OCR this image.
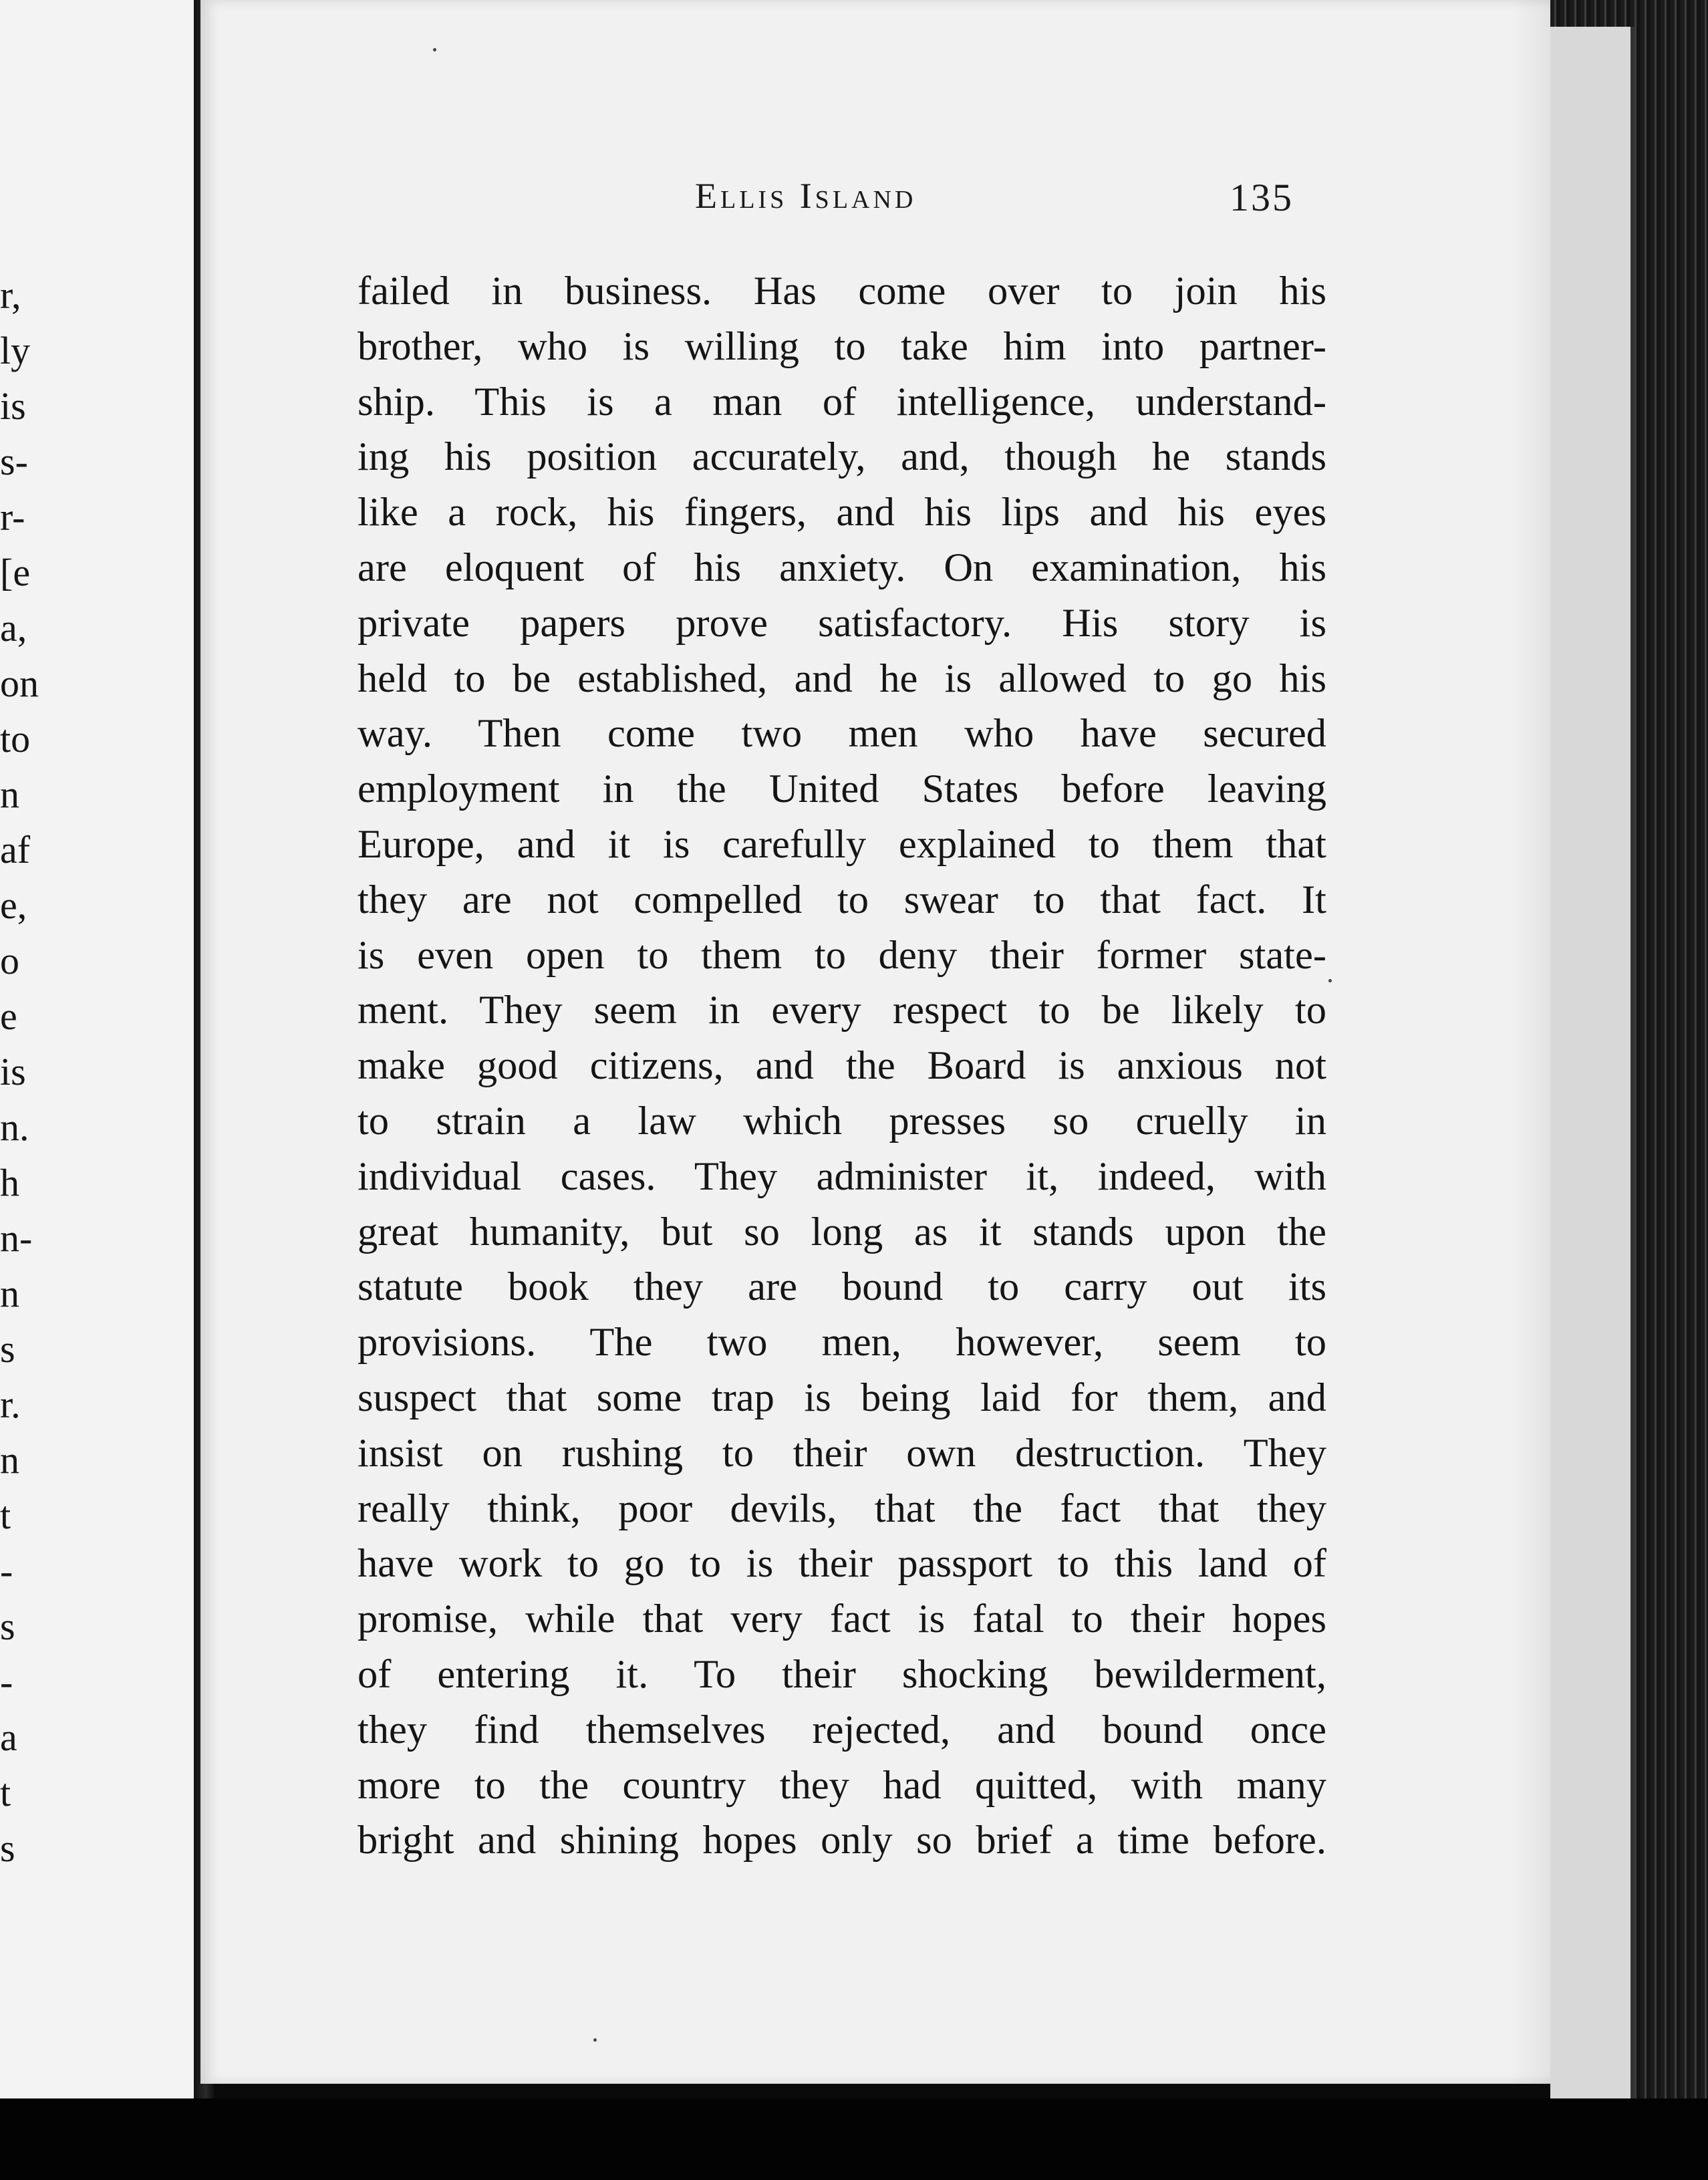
r,
ly
is
s-
r-
[e
a,
on
to
n
af
e,
o
e
is
n.
h
n-
n
s
r.
n
t
-
s
-
a
t
s
Ellis Island	135
failed in business. Has come over to join his
brother, who is willing to take him into partner-
ship. This is a man of intelligence, understand-
ing his position accurately, and, though he stands
like a rock, his fingers, and his lips and his eyes
are eloquent of his anxiety. On examination, his
private papers prove satisfactory. His story is
held to be established, and he is allowed to go his
way. Then come two men who have secured
employment in the United States before leaving
Europe, and it is carefully explained to them that
they are not compelled to swear to that fact. It
is even open to them to deny their former state-
ment. They seem in every respect to be likely to
make good citizens, and the Board is anxious not
to strain a law which presses so cruelly in
individual cases. They administer it, indeed, with
great humanity, but so long as it stands upon the
statute book they are bound to carry out its
provisions. The two men, however, seem to
suspect that some trap is being laid for them, and
insist on rushing to their own destruction. They
really think, poor devils, that the fact that they
have work to go to is their passport to this land of
promise, while that very fact is fatal to their hopes
of entering it. To their shocking bewilderment,
they find themselves rejected, and bound once
more to the country they had quitted, with many
bright and shining hopes only so brief a time before.
